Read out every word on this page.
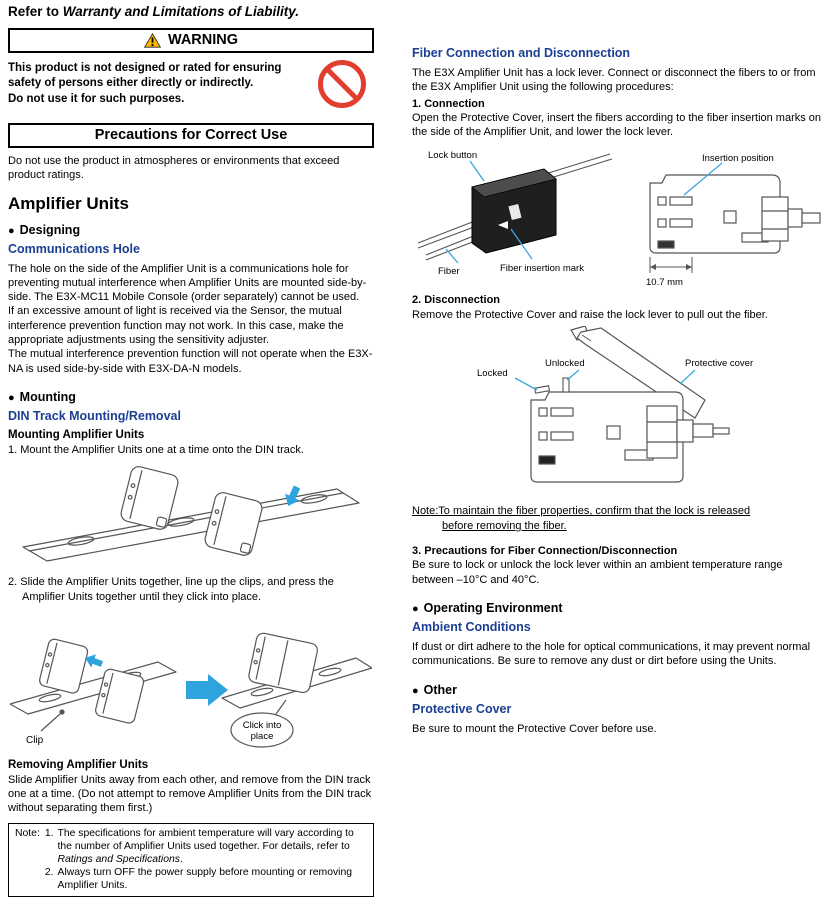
Refer to Warranty and Limitations of Liability.
WARNING
This product is not designed or rated for ensuring
safety of persons either directly or indirectly.
Do not use it for such purposes.
Precautions for Correct Use
Do not use the product in atmospheres or environments that exceed product ratings.
Amplifier Units
● Designing
Communications Hole
The hole on the side of the Amplifier Unit is a communications hole for preventing mutual interference when Amplifier Units are mounted side-by-side. The E3X-MC11 Mobile Console (order separately) cannot be used.
If an excessive amount of light is received via the Sensor, the mutual interference prevention function may not work. In this case, make the appropriate adjustments using the sensitivity adjuster.
The mutual interference prevention function will not operate when the E3X-NA is used side-by-side with E3X-DA-N models.
● Mounting
DIN Track Mounting/Removal
Mounting Amplifier Units
1. Mount the Amplifier Units one at a time onto the DIN track.
2. Slide the Amplifier Units together, line up the clips, and press the Amplifier Units together until they click into place.
Clip
Click into
place
Removing Amplifier Units
Slide Amplifier Units away from each other, and remove from the DIN track one at a time. (Do not attempt to remove Amplifier Units from the DIN track without separating them first.)
Note: 1. The specifications for ambient temperature will vary according to the number of Amplifier Units used together. For details, refer to Ratings and Specifications.
2. Always turn OFF the power supply before mounting or removing Amplifier Units.
Fiber Connection and Disconnection
The E3X Amplifier Unit has a lock lever. Connect or disconnect the fibers to or from the E3X Amplifier Unit using the following procedures:
1. Connection
Open the Protective Cover, insert the fibers according to the fiber insertion marks on the side of the Amplifier Unit, and lower the lock lever.
Lock button
Fiber	Fiber insertion mark
Insertion position
10.7 mm
2. Disconnection
Remove the Protective Cover and raise the lock lever to pull out the fiber.
Locked
Unlocked	Protective cover
Note:To maintain the fiber properties, confirm that the lock is released
before removing the fiber.
3. Precautions for Fiber Connection/Disconnection
Be sure to lock or unlock the lock lever within an ambient temperature range between –10°C and 40°C.
● Operating Environment
Ambient Conditions
If dust or dirt adhere to the hole for optical communications, it may prevent normal communications. Be sure to remove any dust or dirt before using the Units.
● Other
Protective Cover
Be sure to mount the Protective Cover before use.
